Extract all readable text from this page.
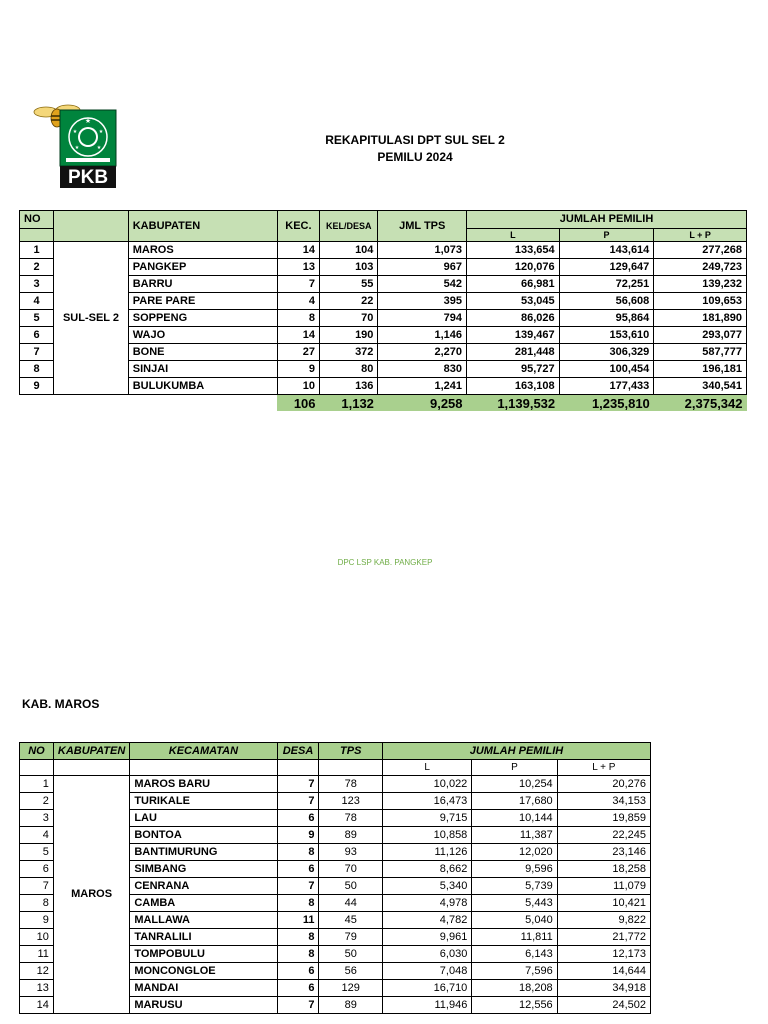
★
★	★
★	★
PKB
REKAPITULASI DPT SUL SEL 2
PEMILU 2024
NO		KABUPATEN	KEC.	KEL/DESA	JML TPS	JUMLAH PEMILIH		
						L	P	L + P
1	SUL-SEL 2	MAROS	14	104	1,073	133,654	143,614	277,268
2		PANGKEP	13	103	967	120,076	129,647	249,723
3		BARRU	7	55	542	66,981	72,251	139,232
4		PARE PARE	4	22	395	53,045	56,608	109,653
5		SOPPENG	8	70	794	86,026	95,864	181,890
6		WAJO	14	190	1,146	139,467	153,610	293,077
7		BONE	27	372	2,270	281,448	306,329	587,777
8		SINJAI	9	80	830	95,727	100,454	196,181
9		BULUKUMBA	10	136	1,241	163,108	177,433	340,541
			106	1,132	9,258	1,139,532	1,235,810	2,375,342
DPC LSP KAB. PANGKEP
KAB. MAROS
NO	KABUPATEN	KECAMATAN	DESA	TPS	JUMLAH PEMILIH		
					L	P	L + P
1	MAROS	MAROS BARU	7	78	10,022	10,254	20,276
2		TURIKALE	7	123	16,473	17,680	34,153
3		LAU	6	78	9,715	10,144	19,859
4		BONTOA	9	89	10,858	11,387	22,245
5		BANTIMURUNG	8	93	11,126	12,020	23,146
6		SIMBANG	6	70	8,662	9,596	18,258
7		CENRANA	7	50	5,340	5,739	11,079
8		CAMBA	8	44	4,978	5,443	10,421
9		MALLAWA	11	45	4,782	5,040	9,822
10		TANRALILI	8	79	9,961	11,811	21,772
11		TOMPOBULU	8	50	6,030	6,143	12,173
12		MONCONGLOE	6	56	7,048	7,596	14,644
13		MANDAI	6	129	16,710	18,208	34,918
14		MARUSU	7	89	11,946	12,556	24,502
